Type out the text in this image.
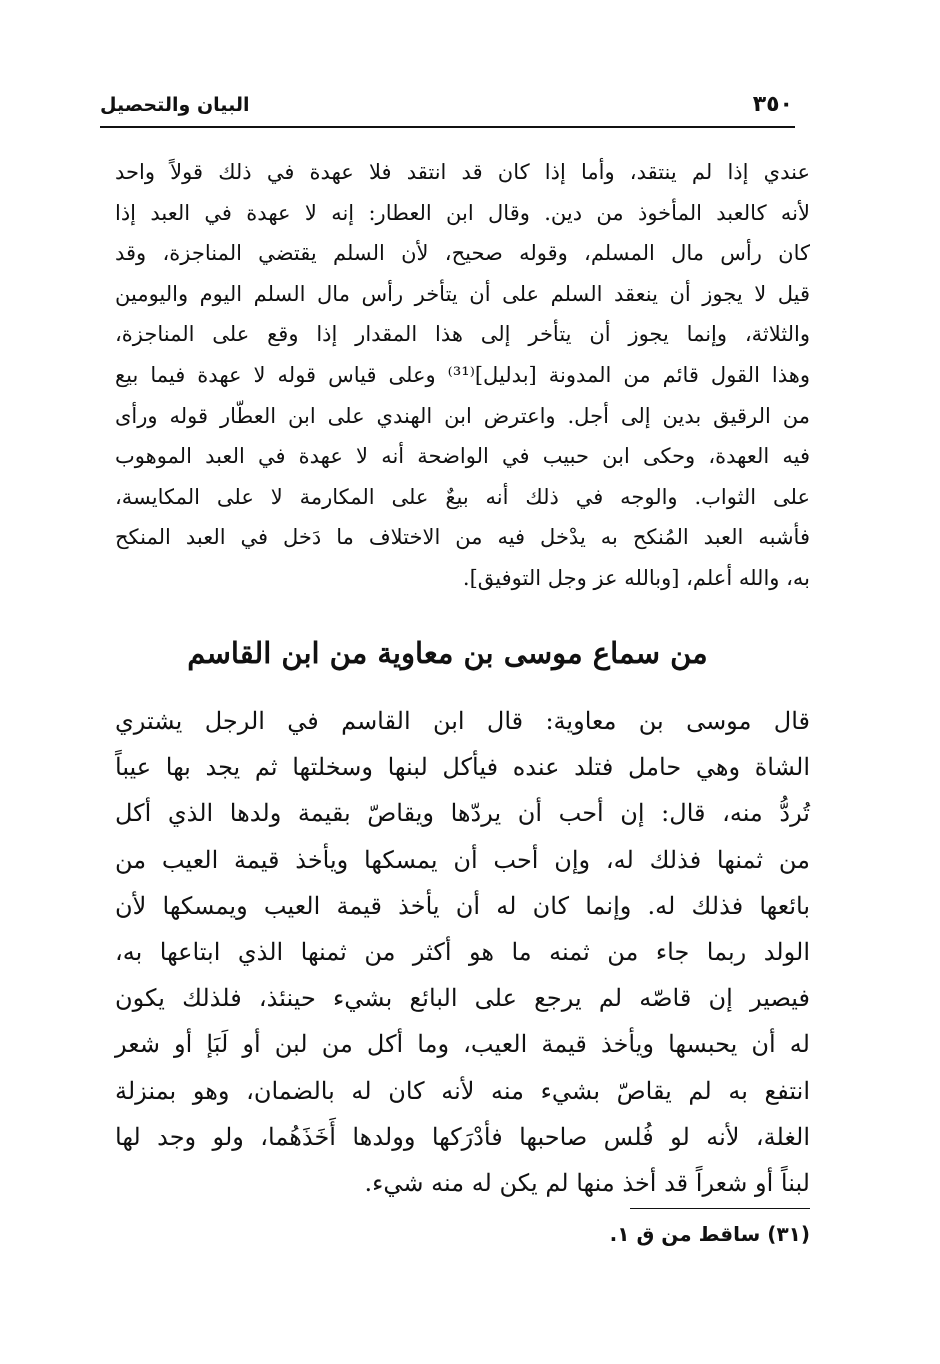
٣٥٠
البيان والتحصيل
عندي إذا لم ينتقد، وأما إذا كان قد انتقد فلا عهدة في ذلك قولاً واحد
لأنه كالعبد المأخوذ من دين. وقال ابن العطار: إنه لا عهدة في العبد إذا
كان رأس مال المسلم، وقوله صحيح، لأن السلم يقتضي المناجزة، وقد
قيل لا يجوز أن ينعقد السلم على أن يتأخر رأس مال السلم اليوم واليومين
والثلاثة، وإنما يجوز أن يتأخر إلى هذا المقدار إذا وقع على المناجزة،
وهذا القول قائم من المدونة [بدليل]⁽³¹⁾ وعلى قياس قوله لا عهدة فيما بيع
من الرقيق بدين إلى أجل. واعترض ابن الهندي على ابن العطّار قوله ورأى
فيه العهدة، وحكى ابن حبيب في الواضحة أنه لا عهدة في العبد الموهوب
على الثواب. والوجه في ذلك أنه بيعٌ على المكارمة لا على المكايسة،
فأشبه العبد المُنكح به يدْخل فيه من الاختلاف ما دَخل في العبد المنكح
به، والله أعلم، [وبالله عز وجل التوفيق].
من سماع موسى بن معاوية من ابن القاسم
قال موسى بن معاوية: قال ابن القاسم في الرجل يشتري
الشاة وهي حامل فتلد عنده فيأكل لبنها وسخلتها ثم يجد بها عيباً
تُردُّ منه، قال: إن أحب أن يردّها ويقاصّ بقيمة ولدها الذي أكل
من ثمنها فذلك له، وإن أحب أن يمسكها ويأخذ قيمة العيب من
بائعها فذلك له. وإنما كان له أن يأخذ قيمة العيب ويمسكها لأن
الولد ربما جاء من ثمنه ما هو أكثر من ثمنها الذي ابتاعها به،
فيصير إن قاصّه لم يرجع على البائع بشيء حينئذ، فلذلك يكون
له أن يحبسها ويأخذ قيمة العيب، وما أكل من لبن أو لَبَإ أو شعر
انتفع به لم يقاصّ بشيء منه لأنه كان له بالضمان، وهو بمنزلة
الغلة، لأنه لو فُلس صاحبها فأدْرَكها وولدها أَخَذَهُما، ولو وجد لها
لبناً أو شعراً قد أخذ منها لم يكن له منه شيء.
(٣١) ساقط من ق ١.
